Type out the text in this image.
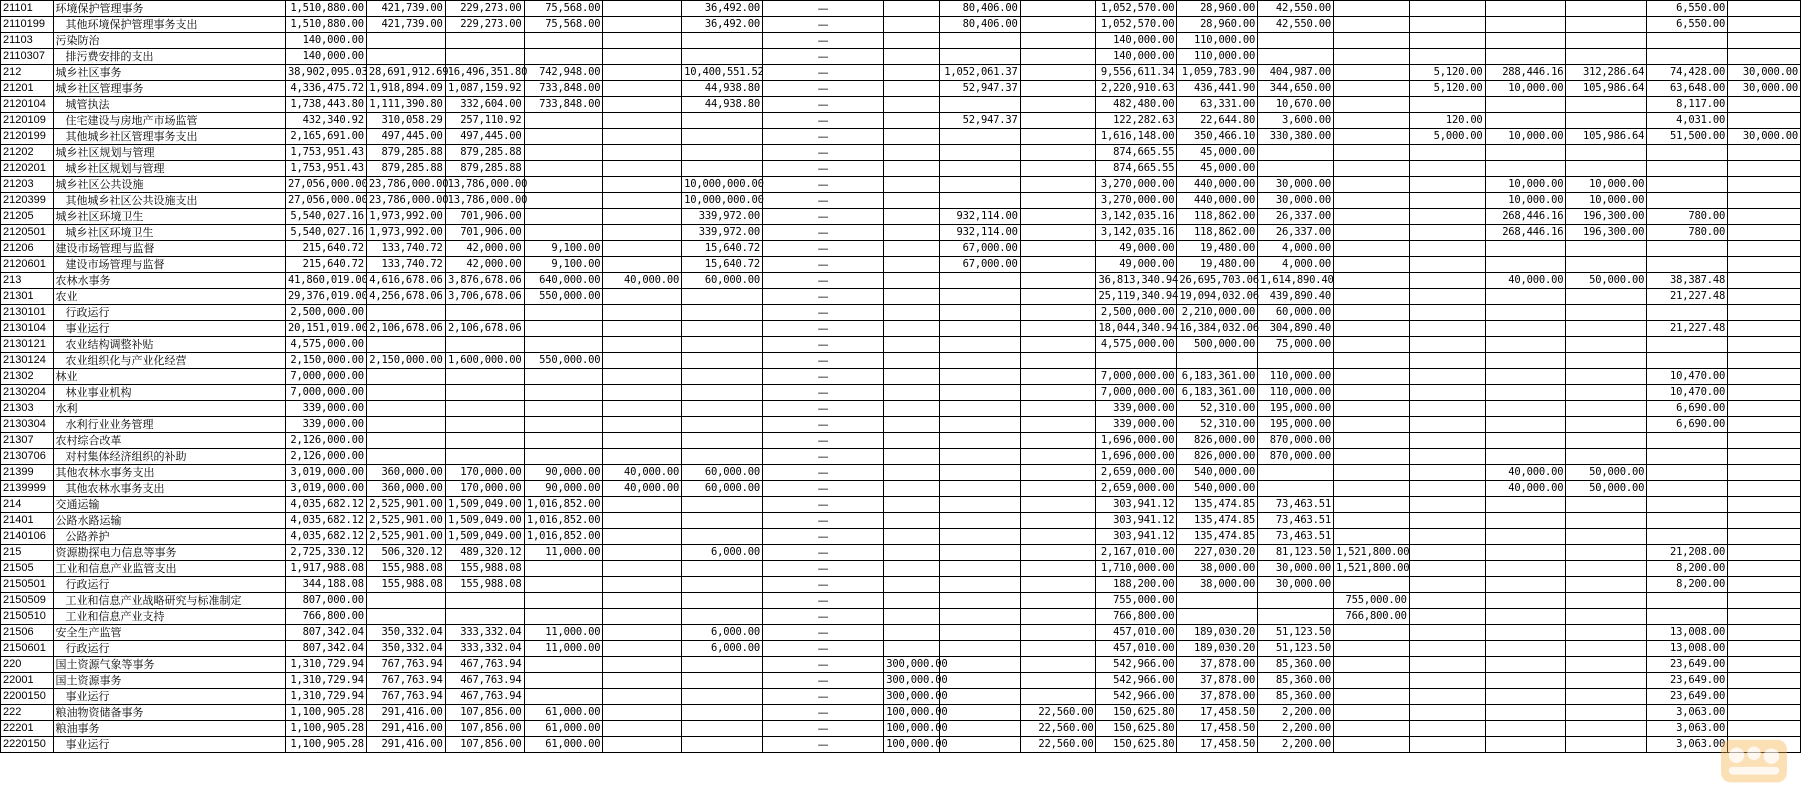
21101	环境保护管理事务	1,510,880.00	421,739.00	229,273.00	75,568.00		36,492.00	—		80,406.00		1,052,570.00	28,960.00	42,550.00					6,550.00	
2110199	其他环境保护管理事务支出	1,510,880.00	421,739.00	229,273.00	75,568.00		36,492.00	—		80,406.00		1,052,570.00	28,960.00	42,550.00					6,550.00	
21103	污染防治	140,000.00						—				140,000.00	110,000.00							
2110307	排污费安排的支出	140,000.00						—				140,000.00	110,000.00							
212	城乡社区事务	38,902,095.03	28,691,912.69	16,496,351.80	742,948.00		10,400,551.52	—		1,052,061.37		9,556,611.34	1,059,783.90	404,987.00		5,120.00	288,446.16	312,286.64	74,428.00	30,000.00
21201	城乡社区管理事务	4,336,475.72	1,918,894.09	1,087,159.92	733,848.00		44,938.80	—		52,947.37		2,220,910.63	436,441.90	344,650.00		5,120.00	10,000.00	105,986.64	63,648.00	30,000.00
2120104	城管执法	1,738,443.80	1,111,390.80	332,604.00	733,848.00		44,938.80	—				482,480.00	63,331.00	10,670.00					8,117.00	
2120109	住宅建设与房地产市场监管	432,340.92	310,058.29	257,110.92				—		52,947.37		122,282.63	22,644.80	3,600.00		120.00			4,031.00	
2120199	其他城乡社区管理事务支出	2,165,691.00	497,445.00	497,445.00				—				1,616,148.00	350,466.10	330,380.00		5,000.00	10,000.00	105,986.64	51,500.00	30,000.00
21202	城乡社区规划与管理	1,753,951.43	879,285.88	879,285.88				—				874,665.55	45,000.00							
2120201	城乡社区规划与管理	1,753,951.43	879,285.88	879,285.88				—				874,665.55	45,000.00							
21203	城乡社区公共设施	27,056,000.00	23,786,000.00	13,786,000.00			10,000,000.00	—				3,270,000.00	440,000.00	30,000.00			10,000.00	10,000.00		
2120399	其他城乡社区公共设施支出	27,056,000.00	23,786,000.00	13,786,000.00			10,000,000.00	—				3,270,000.00	440,000.00	30,000.00			10,000.00	10,000.00		
21205	城乡社区环境卫生	5,540,027.16	1,973,992.00	701,906.00			339,972.00	—		932,114.00		3,142,035.16	118,862.00	26,337.00			268,446.16	196,300.00	780.00	
2120501	城乡社区环境卫生	5,540,027.16	1,973,992.00	701,906.00			339,972.00	—		932,114.00		3,142,035.16	118,862.00	26,337.00			268,446.16	196,300.00	780.00	
21206	建设市场管理与监督	215,640.72	133,740.72	42,000.00	9,100.00		15,640.72	—		67,000.00		49,000.00	19,480.00	4,000.00						
2120601	建设市场管理与监督	215,640.72	133,740.72	42,000.00	9,100.00		15,640.72	—		67,000.00		49,000.00	19,480.00	4,000.00						
213	农林水事务	41,860,019.00	4,616,678.06	3,876,678.06	640,000.00	40,000.00	60,000.00	—				36,813,340.94	26,695,703.06	1,614,890.40			40,000.00	50,000.00	38,387.48	
21301	农业	29,376,019.00	4,256,678.06	3,706,678.06	550,000.00			—				25,119,340.94	19,094,032.06	439,890.40					21,227.48	
2130101	行政运行	2,500,000.00						—				2,500,000.00	2,210,000.00	60,000.00						
2130104	事业运行	20,151,019.00	2,106,678.06	2,106,678.06				—				18,044,340.94	16,384,032.06	304,890.40					21,227.48	
2130121	农业结构调整补贴	4,575,000.00						—				4,575,000.00	500,000.00	75,000.00						
2130124	农业组织化与产业化经营	2,150,000.00	2,150,000.00	1,600,000.00	550,000.00			—												
21302	林业	7,000,000.00						—				7,000,000.00	6,183,361.00	110,000.00					10,470.00	
2130204	林业事业机构	7,000,000.00						—				7,000,000.00	6,183,361.00	110,000.00					10,470.00	
21303	水利	339,000.00						—				339,000.00	52,310.00	195,000.00					6,690.00	
2130304	水利行业业务管理	339,000.00						—				339,000.00	52,310.00	195,000.00					6,690.00	
21307	农村综合改革	2,126,000.00						—				1,696,000.00	826,000.00	870,000.00						
2130706	对村集体经济组织的补助	2,126,000.00						—				1,696,000.00	826,000.00	870,000.00						
21399	其他农林水事务支出	3,019,000.00	360,000.00	170,000.00	90,000.00	40,000.00	60,000.00	—				2,659,000.00	540,000.00				40,000.00	50,000.00		
2139999	其他农林水事务支出	3,019,000.00	360,000.00	170,000.00	90,000.00	40,000.00	60,000.00	—				2,659,000.00	540,000.00				40,000.00	50,000.00		
214	交通运输	4,035,682.12	2,525,901.00	1,509,049.00	1,016,852.00			—				303,941.12	135,474.85	73,463.51						
21401	公路水路运输	4,035,682.12	2,525,901.00	1,509,049.00	1,016,852.00			—				303,941.12	135,474.85	73,463.51						
2140106	公路养护	4,035,682.12	2,525,901.00	1,509,049.00	1,016,852.00			—				303,941.12	135,474.85	73,463.51						
215	资源勘探电力信息等事务	2,725,330.12	506,320.12	489,320.12	11,000.00		6,000.00	—				2,167,010.00	227,030.20	81,123.50	1,521,800.00				21,208.00	
21505	工业和信息产业监管支出	1,917,988.08	155,988.08	155,988.08				—				1,710,000.00	38,000.00	30,000.00	1,521,800.00				8,200.00	
2150501	行政运行	344,188.08	155,988.08	155,988.08				—				188,200.00	38,000.00	30,000.00					8,200.00	
2150509	工业和信息产业战略研究与标准制定	807,000.00						—				755,000.00			755,000.00					
2150510	工业和信息产业支持	766,800.00						—				766,800.00			766,800.00					
21506	安全生产监管	807,342.04	350,332.04	333,332.04	11,000.00		6,000.00	—				457,010.00	189,030.20	51,123.50					13,008.00	
2150601	行政运行	807,342.04	350,332.04	333,332.04	11,000.00		6,000.00	—				457,010.00	189,030.20	51,123.50					13,008.00	
220	国土资源气象等事务	1,310,729.94	767,763.94	467,763.94				—	300,000.00			542,966.00	37,878.00	85,360.00					23,649.00	
22001	国土资源事务	1,310,729.94	767,763.94	467,763.94				—	300,000.00			542,966.00	37,878.00	85,360.00					23,649.00	
2200150	事业运行	1,310,729.94	767,763.94	467,763.94				—	300,000.00			542,966.00	37,878.00	85,360.00					23,649.00	
222	粮油物资储备事务	1,100,905.28	291,416.00	107,856.00	61,000.00			—	100,000.00		22,560.00	150,625.80	17,458.50	2,200.00					3,063.00	
22201	粮油事务	1,100,905.28	291,416.00	107,856.00	61,000.00			—	100,000.00		22,560.00	150,625.80	17,458.50	2,200.00					3,063.00	
2220150	事业运行	1,100,905.28	291,416.00	107,856.00	61,000.00			—	100,000.00		22,560.00	150,625.80	17,458.50	2,200.00					3,063.00	
